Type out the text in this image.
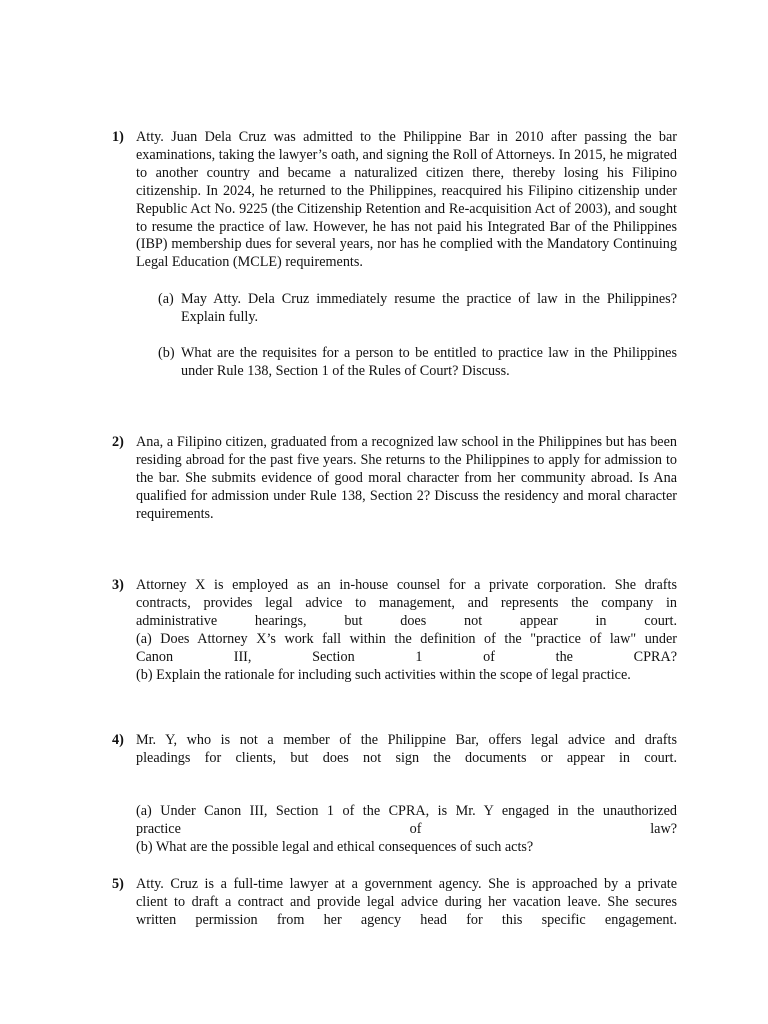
1) Atty. Juan Dela Cruz was admitted to the Philippine Bar in 2010 after passing the bar examinations, taking the lawyer’s oath, and signing the Roll of Attorneys. In 2015, he migrated to another country and became a naturalized citizen there, thereby losing his Filipino citizenship. In 2024, he returned to the Philippines, reacquired his Filipino citizenship under Republic Act No. 9225 (the Citizenship Retention and Re-acquisition Act of 2003), and sought to resume the practice of law. However, he has not paid his Integrated Bar of the Philippines (IBP) membership dues for several years, nor has he complied with the Mandatory Continuing Legal Education (MCLE) requirements.
(a) May Atty. Dela Cruz immediately resume the practice of law in the Philippines? Explain fully.
(b) What are the requisites for a person to be entitled to practice law in the Philippines under Rule 138, Section 1 of the Rules of Court? Discuss.
2) Ana, a Filipino citizen, graduated from a recognized law school in the Philippines but has been residing abroad for the past five years. She returns to the Philippines to apply for admission to the bar. She submits evidence of good moral character from her community abroad. Is Ana qualified for admission under Rule 138, Section 2? Discuss the residency and moral character requirements.
3) Attorney X is employed as an in-house counsel for a private corporation. She drafts
contracts, provides legal advice to management, and represents the company in
administrative hearings, but does not appear in court.
(a) Does Attorney X’s work fall within the definition of the "practice of law" under
Canon III, Section 1 of the CPRA?
(b) Explain the rationale for including such activities within the scope of legal practice.
4) Mr. Y, who is not a member of the Philippine Bar, offers legal advice and drafts
pleadings for clients, but does not sign the documents or appear in court.
(a) Under Canon III, Section 1 of the CPRA, is Mr. Y engaged in the unauthorized
practice of law?
(b) What are the possible legal and ethical consequences of such acts?
5) Atty. Cruz is a full-time lawyer at a government agency. She is approached by a private
client to draft a contract and provide legal advice during her vacation leave. She secures
written permission from her agency head for this specific engagement.
